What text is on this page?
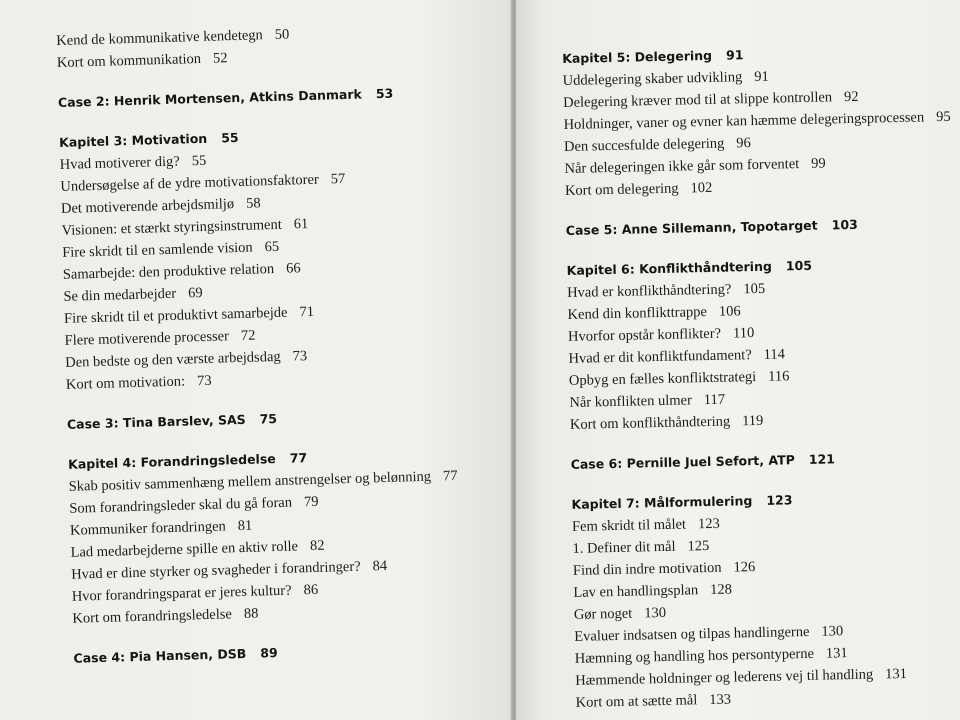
Kend de kommunikative kendetegn 50
Kort om kommunikation 52
Case 2: Henrik Mortensen, Atkins Danmark 53
Kapitel 3: Motivation 55
Hvad motiverer dig? 55
Undersøgelse af de ydre motivationsfaktorer 57
Det motiverende arbejdsmiljø 58
Visionen: et stærkt styringsinstrument 61
Fire skridt til en samlende vision 65
Samarbejde: den produktive relation 66
Se din medarbejder 69
Fire skridt til et produktivt samarbejde 71
Flere motiverende processer 72
Den bedste og den værste arbejdsdag 73
Kort om motivation: 73
Case 3: Tina Barslev, SAS 75
Kapitel 4: Forandringsledelse 77
Skab positiv sammenhæng mellem anstrengelser og belønning 77
Som forandringsleder skal du gå foran 79
Kommuniker forandringen 81
Lad medarbejderne spille en aktiv rolle 82
Hvad er dine styrker og svagheder i forandringer? 84
Hvor forandringsparat er jeres kultur? 86
Kort om forandringsledelse 88
Case 4: Pia Hansen, DSB 89
Kapitel 5: Delegering 91
Uddelegering skaber udvikling 91
Delegering kræver mod til at slippe kontrollen 92
Holdninger, vaner og evner kan hæmme delegeringsprocessen 95
Den succesfulde delegering 96
Når delegeringen ikke går som forventet 99
Kort om delegering 102
Case 5: Anne Sillemann, Topotarget 103
Kapitel 6: Konflikthåndtering 105
Hvad er konflikthåndtering? 105
Kend din konflikttrappe 106
Hvorfor opstår konflikter? 110
Hvad er dit konfliktfundament? 114
Opbyg en fælles konfliktstrategi 116
Når konflikten ulmer 117
Kort om konflikthåndtering 119
Case 6: Pernille Juel Sefort, ATP 121
Kapitel 7: Målformulering 123
Fem skridt til målet 123
1. Definer dit mål 125
Find din indre motivation 126
Lav en handlingsplan 128
Gør noget 130
Evaluer indsatsen og tilpas handlingerne 130
Hæmning og handling hos persontyperne 131
Hæmmende holdninger og lederens vej til handling 131
Kort om at sætte mål 133
